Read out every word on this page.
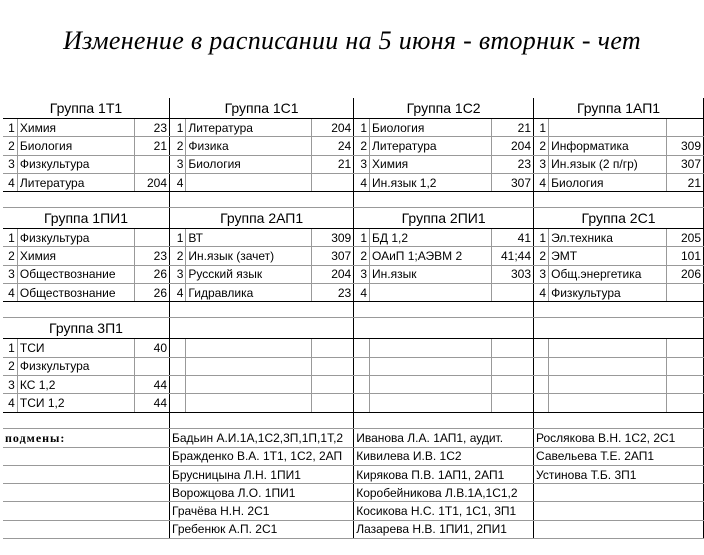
Изменение в расписании на 5 июня - вторник - чет
Группа 1Т1			Группа 1С1			Группа 1С2			Группа 1АП1		
1	Химия	23	1	Литература	204	1	Биология	21	1		
2	Биология	21	2	Физика	24	2	Литература	204	2	Информатика	309
3	Физкультура		3	Биология	21	3	Химия	23	3	Ин.язык (2 п/гр)	307
4	Литература	204	4			4	Ин.язык 1,2	307	4	Биология	21

Группа 1ПИ1			Группа 2АП1			Группа 2ПИ1			Группа 2С1		
1	Физкультура		1	ВТ	309	1	БД 1,2	41	1	Эл.техника	205
2	Химия	23	2	Ин.язык (зачет)	307	2	ОАиП 1;АЭВМ 2	41;44	2	ЭМТ	101
3	Обществознание	26	3	Русский язык	204	3	Ин.язык	303	3	Общ.энергетика	206
4	Обществознание	26	4	Гидравлика	23	4			4	Физкультура	

Группа 3П1											
1	ТСИ	40									
2	Физкультура										
3	КС 1,2	44									
4	ТСИ 1,2	44									

подмены:			Бадьин А.И.1А,1С2,3П,1П,1Т,2			Иванова Л.А. 1АП1, аудит.			Рослякова В.Н. 1С2, 2С1		
			Бражденко В.А. 1Т1, 1С2, 2АП			Кивилева И.В. 1С2			Савельева Т.Е. 2АП1		
			Брусницына Л.Н. 1ПИ1			Кирякова П.В. 1АП1, 2АП1			Устинова Т.Б. 3П1		
			Ворожцова Л.О. 1ПИ1			Коробейникова Л.В.1А,1С1,2					
			Грачёва Н.Н. 2С1			Косикова Н.С. 1Т1, 1С1, 3П1					
			Гребенюк А.П. 2С1			Лазарева Н.В. 1ПИ1, 2ПИ1					
